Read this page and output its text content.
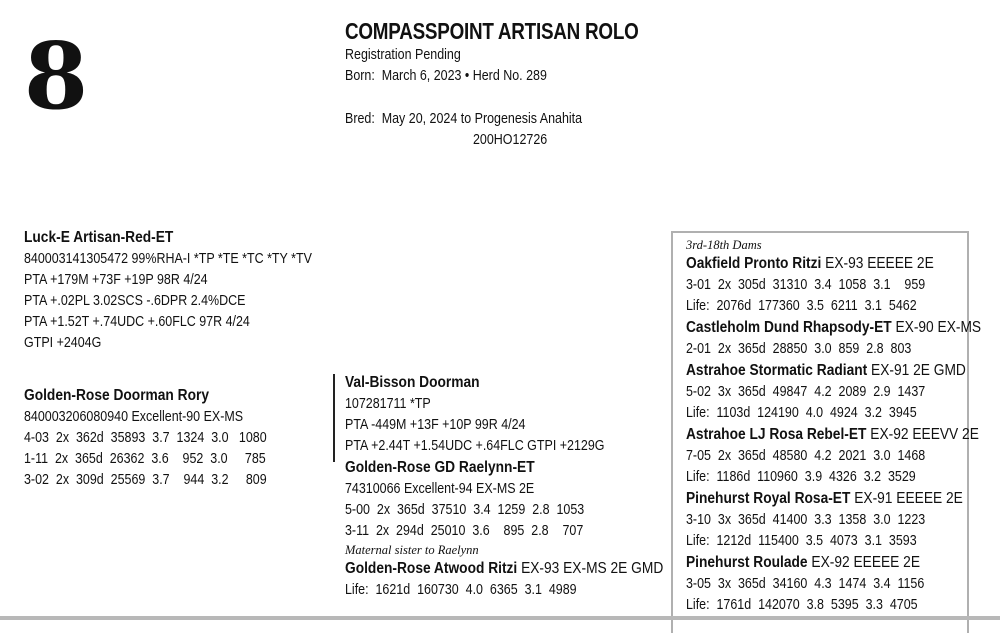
8	COMPASSPOINT ARTISAN ROLO
Registration Pending
Born:  March 6, 2023 • Herd No. 289
Bred:  May 20, 2024 to Progenesis Anahita
200HO12726
Luck-E Artisan-Red-ET
840003141305472 99%RHA-I *TP *TE *TC *TY *TV
PTA +179M +73F +19P 98R 4/24
PTA +.02PL 3.02SCS -.6DPR 2.4%DCE
PTA +1.52T +.74UDC +.60FLC 97R 4/24
GTPI +2404G
Golden-Rose Doorman Rory
840003206080940 Excellent-90 EX-MS
4-03  2x  362d  35893  3.7  1324  3.0   1080
1-11  2x  365d  26362  3.6    952  3.0     785
3-02  2x  309d  25569  3.7    944  3.2     809
Val-Bisson Doorman
107281711 *TP
PTA -449M +13F +10P 99R 4/24
PTA +2.44T +1.54UDC +.64FLC GTPI +2129G
Golden-Rose GD Raelynn-ET
74310066 Excellent-94 EX-MS 2E
5-00  2x  365d  37510  3.4  1259  2.8  1053
3-11  2x  294d  25010  3.6    895  2.8    707
Maternal sister to Raelynn
Golden-Rose Atwood Ritzi EX-93 EX-MS 2E GMD
Life:  1621d  160730  4.0  6365  3.1  4989
3rd-18th Dams
Oakfield Pronto Ritzi EX-93 EEEEE 2E
3-01  2x  305d  31310  3.4  1058  3.1    959
Life:  2076d  177360  3.5  6211  3.1  5462
Castleholm Dund Rhapsody-ET EX-90 EX-MS
2-01  2x  365d  28850  3.0  859  2.8  803
Astrahoe Stormatic Radiant EX-91 2E GMD
5-02  3x  365d  49847  4.2  2089  2.9  1437
Life:  1103d  124190  4.0  4924  3.2  3945
Astrahoe LJ Rosa Rebel-ET EX-92 EEEVV 2E
7-05  2x  365d  48580  4.2  2021  3.0  1468
Life:  1186d  110960  3.9  4326  3.2  3529
Pinehurst Royal Rosa-ET EX-91 EEEEE 2E
3-10  3x  365d  41400  3.3  1358  3.0  1223
Life:  1212d  115400  3.5  4073  3.1  3593
Pinehurst Roulade EX-92 EEEEE 2E
3-05  3x  365d  34160  4.3  1474  3.4  1156
Life:  1761d  142070  3.8  5395  3.3  4705
